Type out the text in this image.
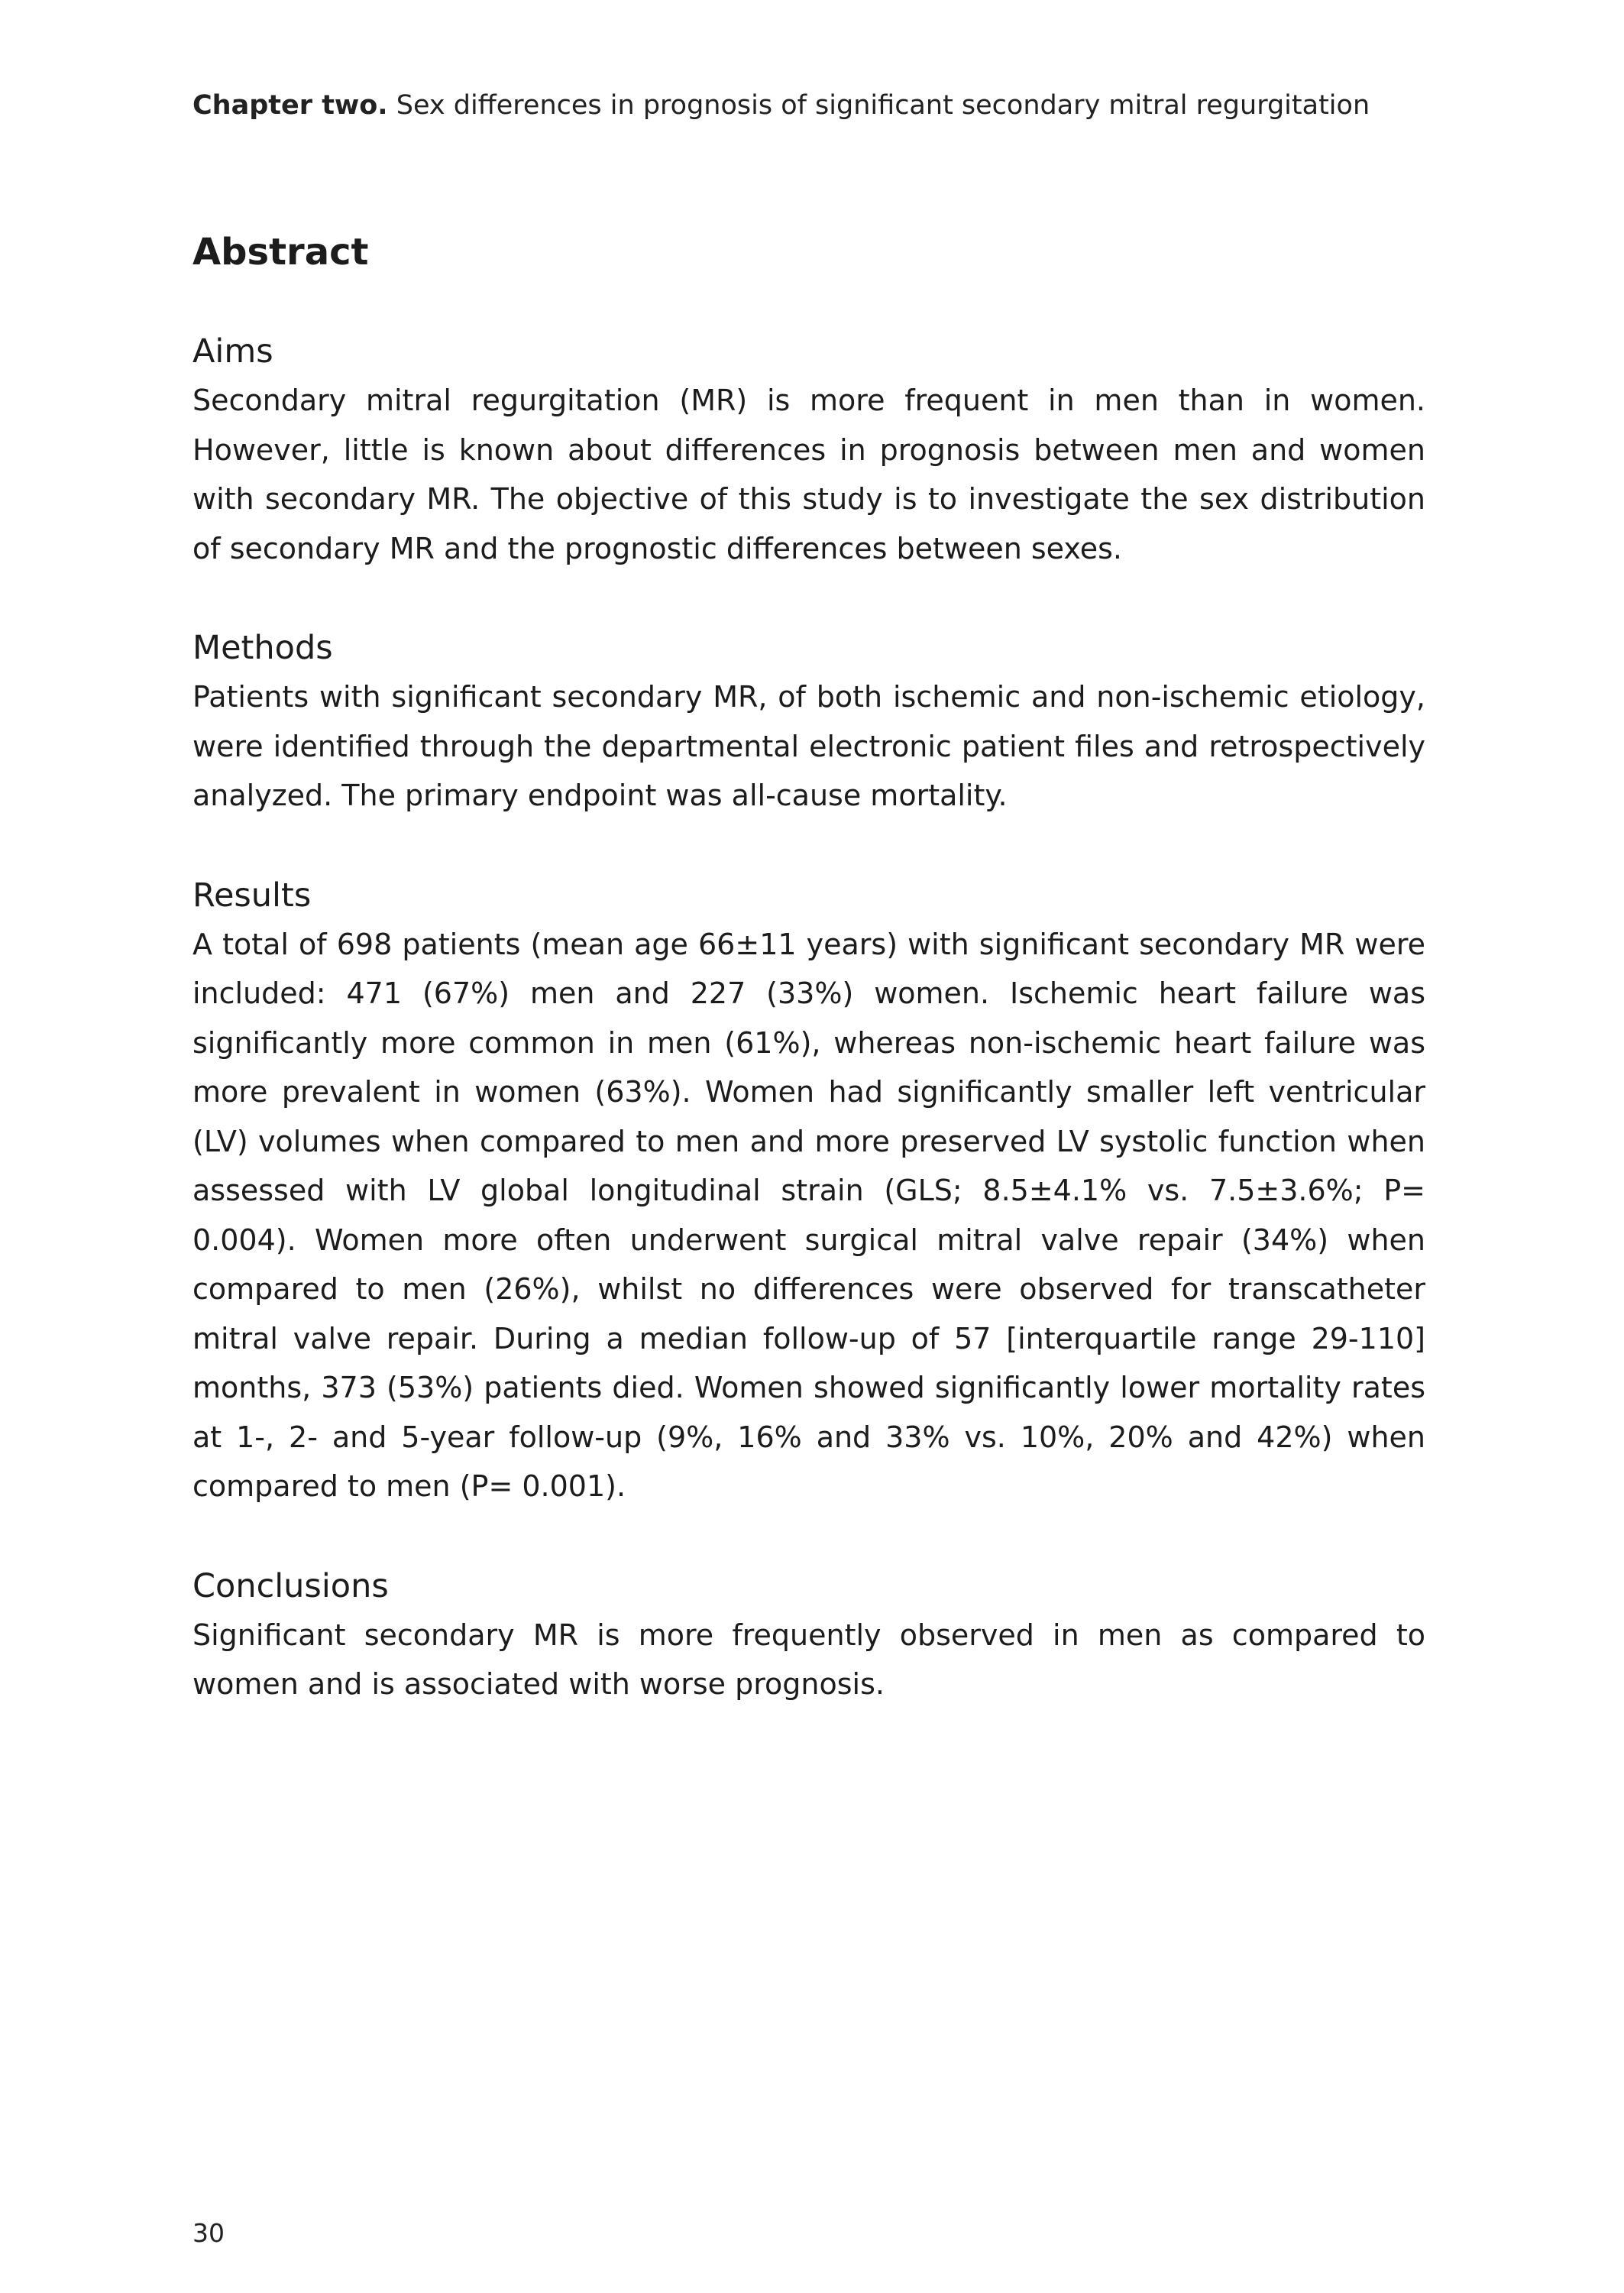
Chapter two. Sex differences in prognosis of significant secondary mitral regurgitation
Abstract
Aims

Secondary mitral regurgitation (MR) is more frequent in men than in women. However, little is known about differences in prognosis between men and women with secondary MR. The objective of this study is to investigate the sex distribution of secondary MR and the prognostic differences between sexes.

Methods

Patients with significant secondary MR, of both ischemic and non-ischemic etiology, were identified through the departmental electronic patient files and retrospectively analyzed. The primary endpoint was all-cause mortality.

Results

A total of 698 patients (mean age 66±11 years) with significant secondary MR were included: 471 (67%) men and 227 (33%) women. Ischemic heart failure was significantly more common in men (61%), whereas non-ischemic heart failure was more prevalent in women (63%). Women had significantly smaller left ventricular (LV) volumes when compared to men and more preserved LV systolic function when assessed with LV global longitudinal strain (GLS; 8.5±4.1% vs. 7.5±3.6%; P= 0.004). Women more often underwent surgical mitral valve repair (34%) when compared to men (26%), whilst no differences were observed for transcatheter mitral valve repair. During a median follow-up of 57 [interquartile range 29-110] months, 373 (53%) patients died. Women showed significantly lower mortality rates at 1-, 2- and 5-year follow-up (9%, 16% and 33% vs. 10%, 20% and 42%) when compared to men (P= 0.001).

Conclusions

Significant secondary MR is more frequently observed in men as compared to women and is associated with worse prognosis.

30
